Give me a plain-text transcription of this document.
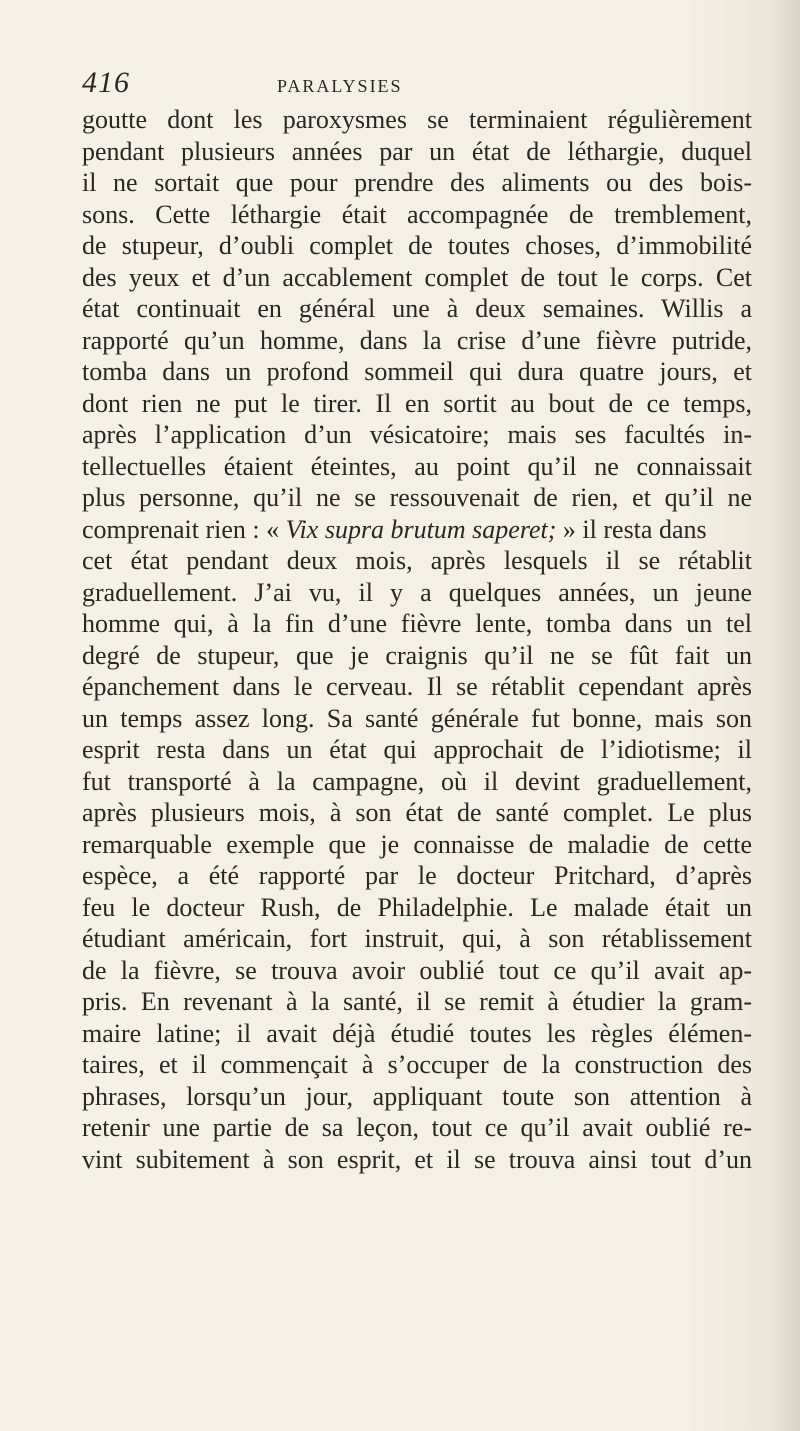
416	PARALYSIES
goutte dont les paroxysmes se terminaient régulièrement
pendant plusieurs années par un état de léthargie, duquel
il ne sortait que pour prendre des aliments ou des bois-
sons. Cette léthargie était accompagnée de tremblement,
de stupeur, d’oubli complet de toutes choses, d’immobilité
des yeux et d’un accablement complet de tout le corps. Cet
état continuait en général une à deux semaines. Willis a
rapporté qu’un homme, dans la crise d’une fièvre putride,
tomba dans un profond sommeil qui dura quatre jours, et
dont rien ne put le tirer. Il en sortit au bout de ce temps,
après l’application d’un vésicatoire; mais ses facultés in-
tellectuelles étaient éteintes, au point qu’il ne connaissait
plus personne, qu’il ne se ressouvenait de rien, et qu’il ne
comprenait rien : « Vix supra brutum saperet; » il resta dans
cet état pendant deux mois, après lesquels il se rétablit
graduellement. J’ai vu, il y a quelques années, un jeune
homme qui, à la fin d’une fièvre lente, tomba dans un tel
degré de stupeur, que je craignis qu’il ne se fût fait un
épanchement dans le cerveau. Il se rétablit cependant après
un temps assez long. Sa santé générale fut bonne, mais son
esprit resta dans un état qui approchait de l’idiotisme; il
fut transporté à la campagne, où il devint graduellement,
après plusieurs mois, à son état de santé complet. Le plus
remarquable exemple que je connaisse de maladie de cette
espèce, a été rapporté par le docteur Pritchard, d’après
feu le docteur Rush, de Philadelphie. Le malade était un
étudiant américain, fort instruit, qui, à son rétablissement
de la fièvre, se trouva avoir oublié tout ce qu’il avait ap-
pris. En revenant à la santé, il se remit à étudier la gram-
maire latine; il avait déjà étudié toutes les règles élémen-
taires, et il commençait à s’occuper de la construction des
phrases, lorsqu’un jour, appliquant toute son attention à
retenir une partie de sa leçon, tout ce qu’il avait oublié re-
vint subitement à son esprit, et il se trouva ainsi tout d’un
